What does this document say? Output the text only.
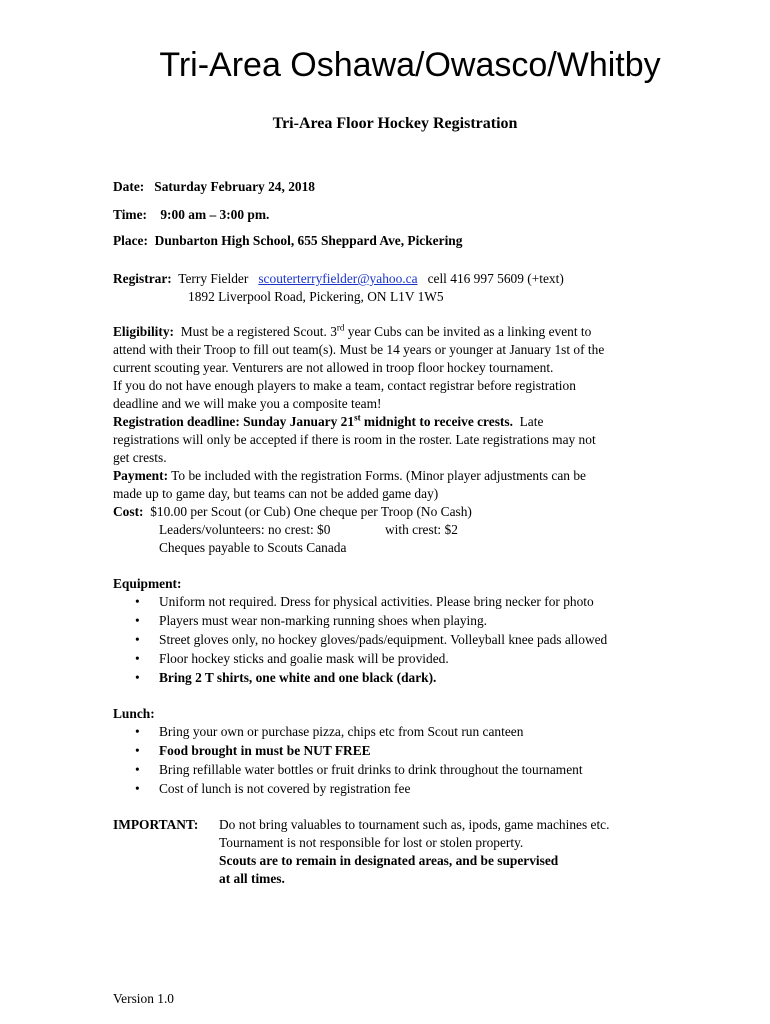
Tri-Area Oshawa/Owasco/Whitby
Tri-Area Floor Hockey Registration
Date: Saturday February 24, 2018
Time: 9:00 am – 3:00 pm.
Place: Dunbarton High School, 655 Sheppard Ave, Pickering
Registrar: Terry Fielder scouterterryfielder@yahoo.ca cell 416 997 5609 (+text)
1892 Liverpool Road, Pickering, ON L1V 1W5
Eligibility: Must be a registered Scout. 3rd year Cubs can be invited as a linking event to
attend with their Troop to fill out team(s). Must be 14 years or younger at January 1st of the
current scouting year. Venturers are not allowed in troop floor hockey tournament.
If you do not have enough players to make a team, contact registrar before registration
deadline and we will make you a composite team!
Registration deadline: Sunday January 21st midnight to receive crests.  Late
registrations will only be accepted if there is room in the roster. Late registrations may not
get crests.
Payment: To be included with the registration Forms. (Minor player adjustments can be
made up to game day, but teams can not be added game day)
Cost:  $10.00 per Scout (or Cub) One cheque per Troop (No Cash)
Leaders/volunteers: no crest: $0	with crest: $2
Cheques payable to Scouts Canada
Equipment:
• Uniform not required. Dress for physical activities. Please bring necker for photo
• Players must wear non-marking running shoes when playing.
• Street gloves only, no hockey gloves/pads/equipment. Volleyball knee pads allowed
• Floor hockey sticks and goalie mask will be provided.
• Bring 2 T shirts, one white and one black (dark).
Lunch:
• Bring your own or purchase pizza, chips etc from Scout run canteen
• Food brought in must be NUT FREE
• Bring refillable water bottles or fruit drinks to drink throughout the tournament
• Cost of lunch is not covered by registration fee
IMPORTANT: Do not bring valuables to tournament such as, ipods, game machines etc.
Tournament is not responsible for lost or stolen property.
Scouts are to remain in designated areas, and be supervised
at all times.
Version 1.0
